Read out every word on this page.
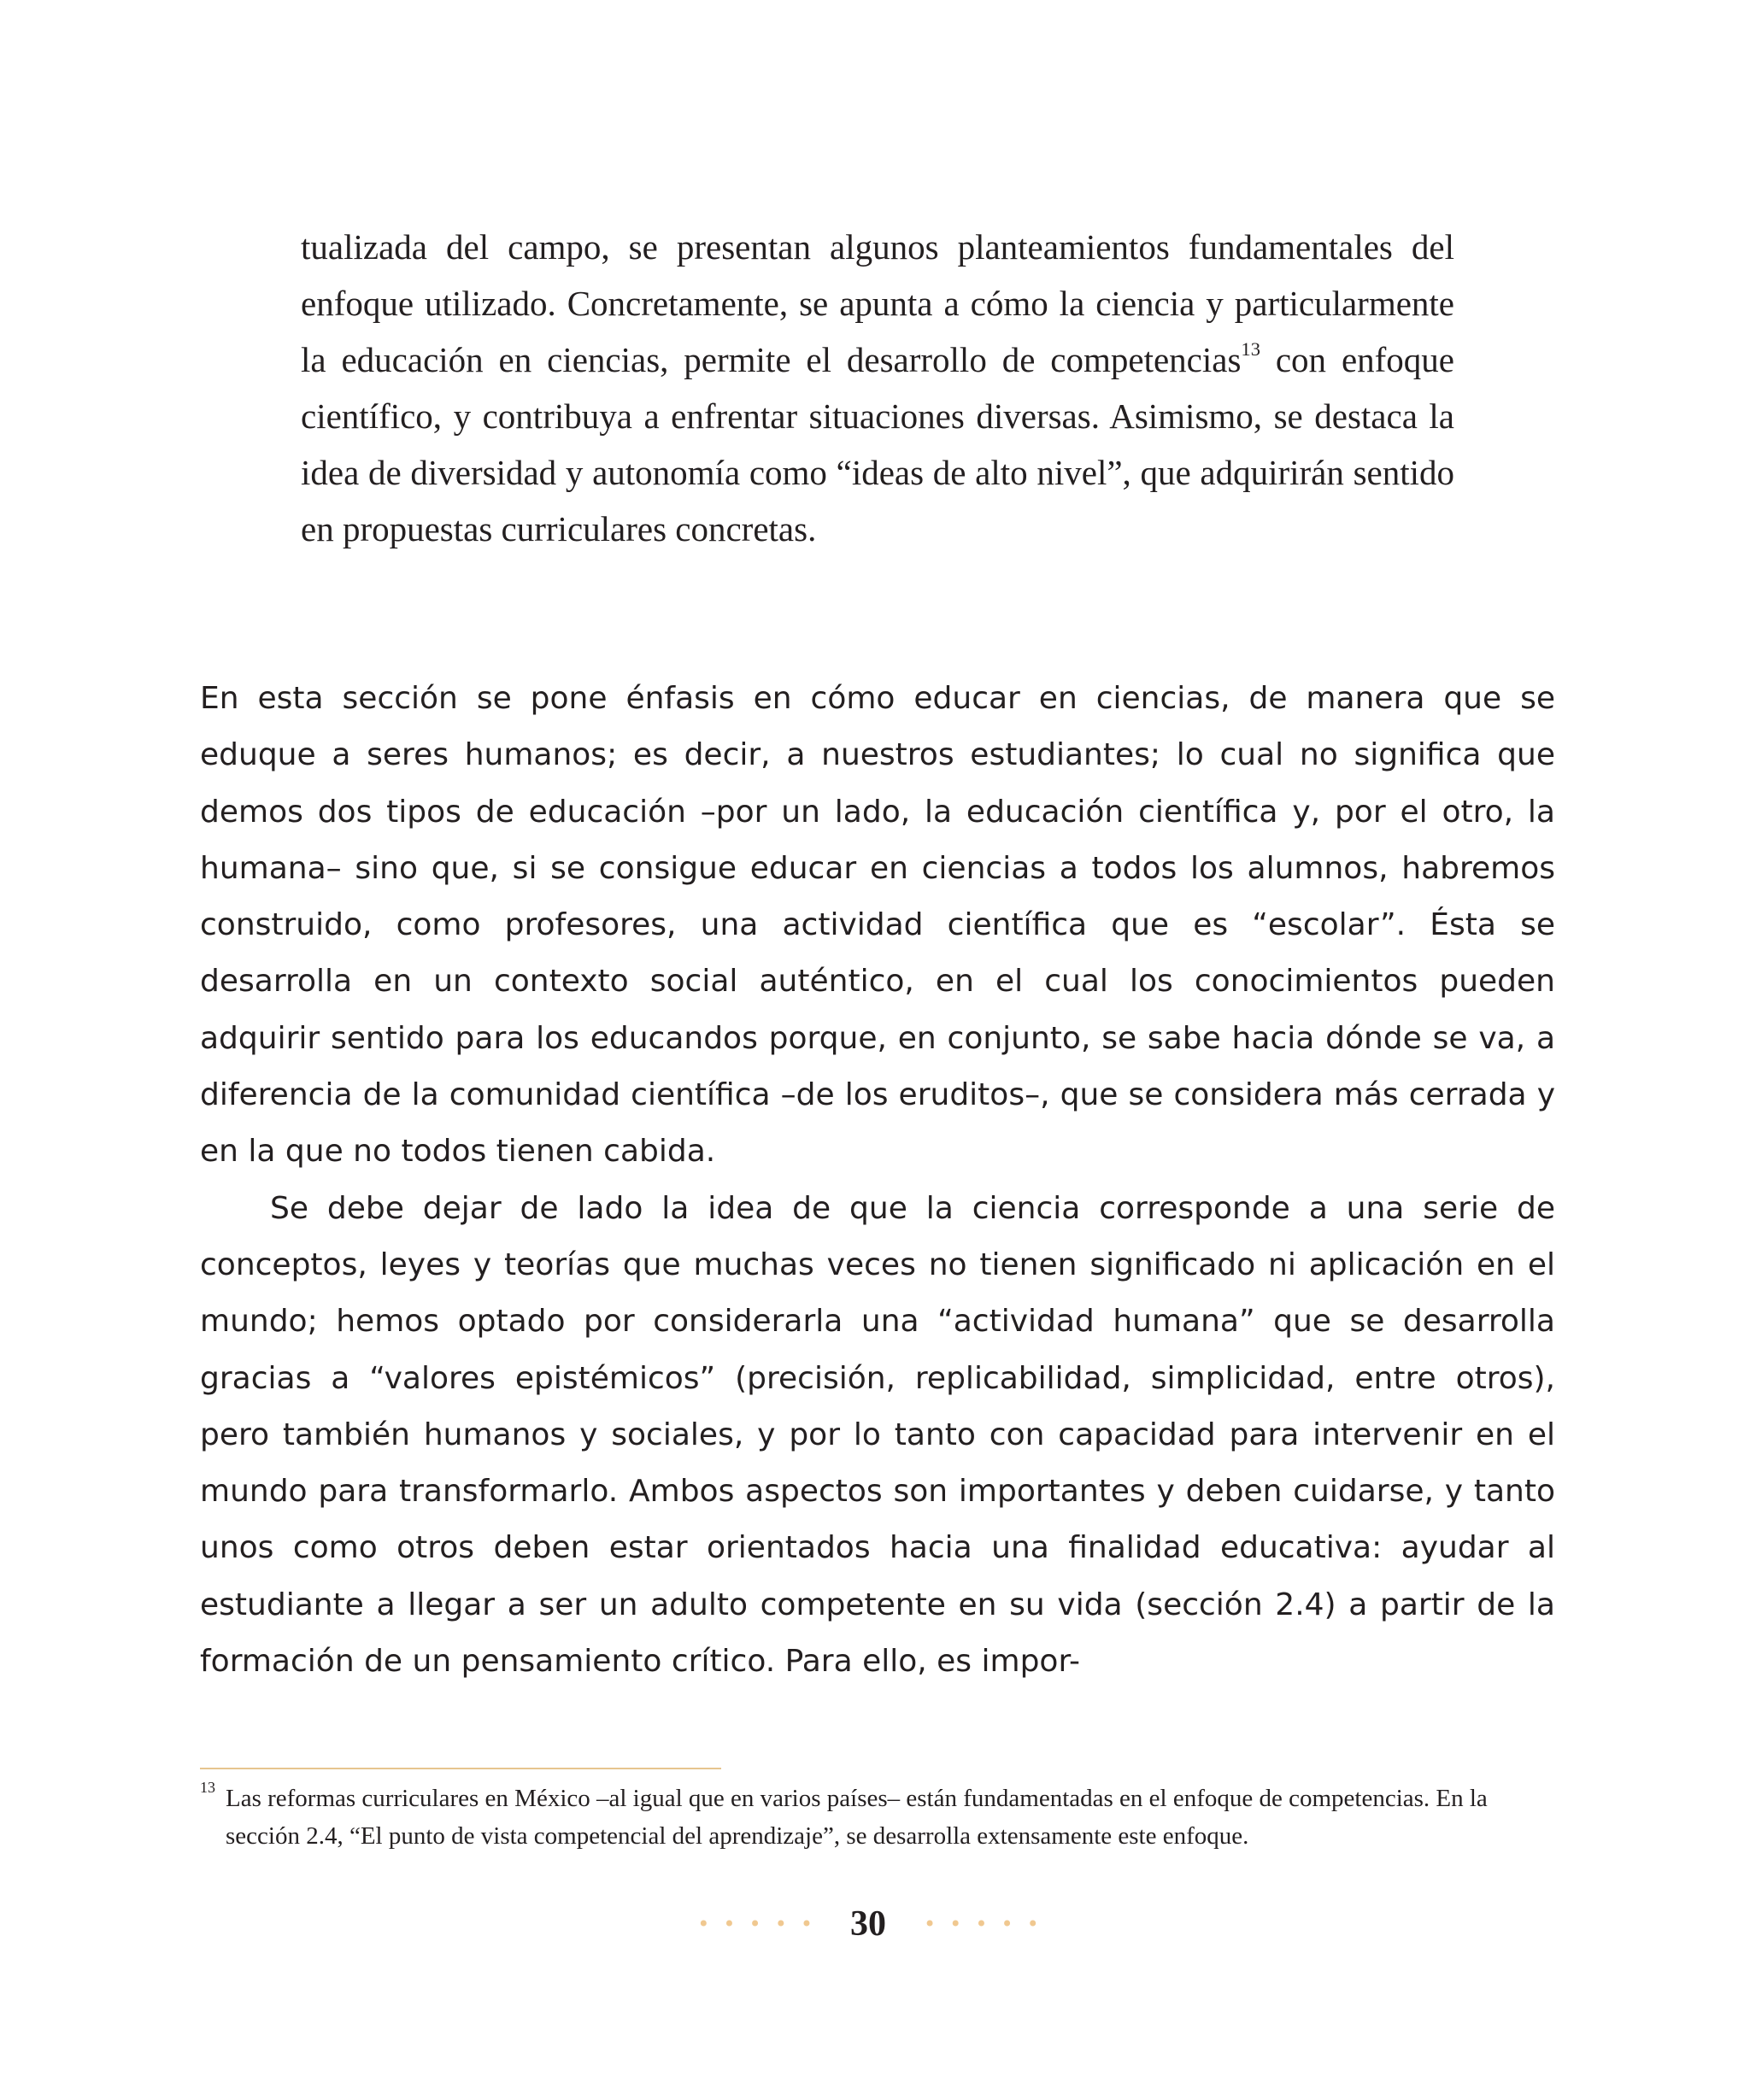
tualizada del campo, se presentan algunos planteamientos fundamentales del enfoque utilizado. Concretamente, se apunta a cómo la ciencia y particularmente la educación en ciencias, permite el desarrollo de competencias$^{13}$ con enfoque científico, y contribuya a enfrentar situaciones diversas. Asimismo, se destaca la idea de diversidad y autonomía como “ideas de alto nivel”, que adquirirán sentido en propuestas curriculares concretas.

En esta sección se pone énfasis en cómo educar en ciencias, de manera que se eduque a seres humanos; es decir, a nuestros estudiantes; lo cual no significa que demos dos tipos de educación –por un lado, la educación científica y, por el otro, la humana– sino que, si se consigue educar en ciencias a todos los alumnos, habremos construido, como profesores, una actividad científica que es “escolar”. Ésta se desarrolla en un contexto social auténtico, en el cual los conocimientos pueden adquirir sentido para los educandos porque, en conjunto, se sabe hacia dónde se va, a diferencia de la comunidad científica –de los eruditos–, que se considera más cerrada y en la que no todos tienen cabida.

Se debe dejar de lado la idea de que la ciencia corresponde a una serie de conceptos, leyes y teorías que muchas veces no tienen significado ni aplicación en el mundo; hemos optado por considerarla una “actividad humana” que se desarrolla gracias a “valores epistémicos” (precisión, replicabilidad, simplicidad, entre otros), pero también humanos y sociales, y por lo tanto con capacidad para intervenir en el mundo para transformarlo. Ambos aspectos son importantes y deben cuidarse, y tanto unos como otros deben estar orientados hacia una finalidad educativa: ayudar al estudiante a llegar a ser un adulto competente en su vida (sección 2.4) a partir de la formación de un pensamiento crítico. Para ello, es impor-

13 Las reformas curriculares en México –al igual que en varios países– están fundamentadas en el enfoque de competencias. En la sección 2.4, “El punto de vista competencial del aprendizaje”, se desarrolla extensamente este enfoque.
••••• 30 •••••
